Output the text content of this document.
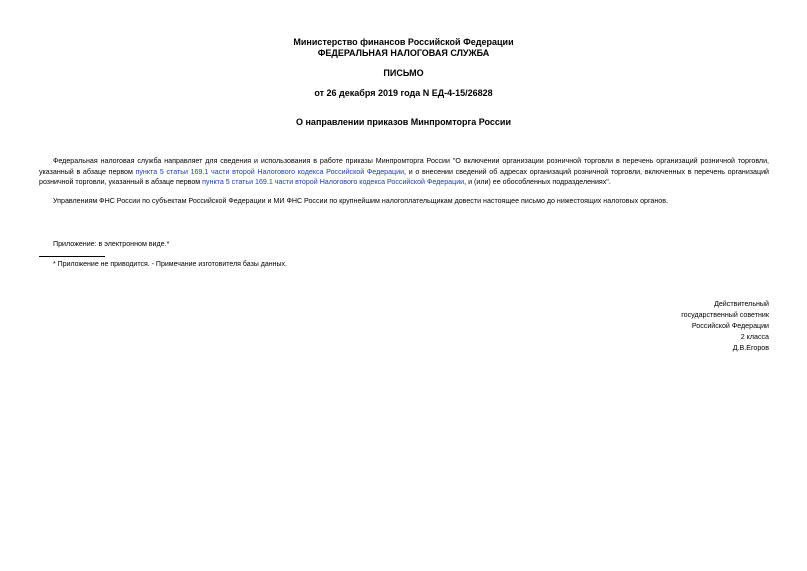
Министерство финансов Российской Федерации
ФЕДЕРАЛЬНАЯ НАЛОГОВАЯ СЛУЖБА
ПИСЬМО
от 26 декабря 2019 года N ЕД-4-15/26828
О направлении приказов Минпромторга России
Федеральная налоговая служба направляет для сведения и использования в работе приказы Минпромторга России "О включении организации розничной торговли в перечень организаций розничной торговли, указанный в абзаце первом пункта 5 статьи 169.1 части второй Налогового кодекса Российской Федерации, и о внесении сведений об адресах организаций розничной торговли, включенных в перечень организаций розничной торговли, указанный в абзаце первом пункта 5 статьи 169.1 части второй Налогового кодекса Российской Федерации, и (или) ее обособленных подразделениях".
Управлениям ФНС России по субъектам Российской Федерации и МИ ФНС России по крупнейшим налогоплательщикам довести настоящее письмо до нижестоящих налоговых органов.
Приложение: в электронном виде.*
* Приложение не приводится. - Примечание изготовителя базы данных.
Действительный
государственный советник
Российской Федерации
2 класса
Д.В.Егоров
